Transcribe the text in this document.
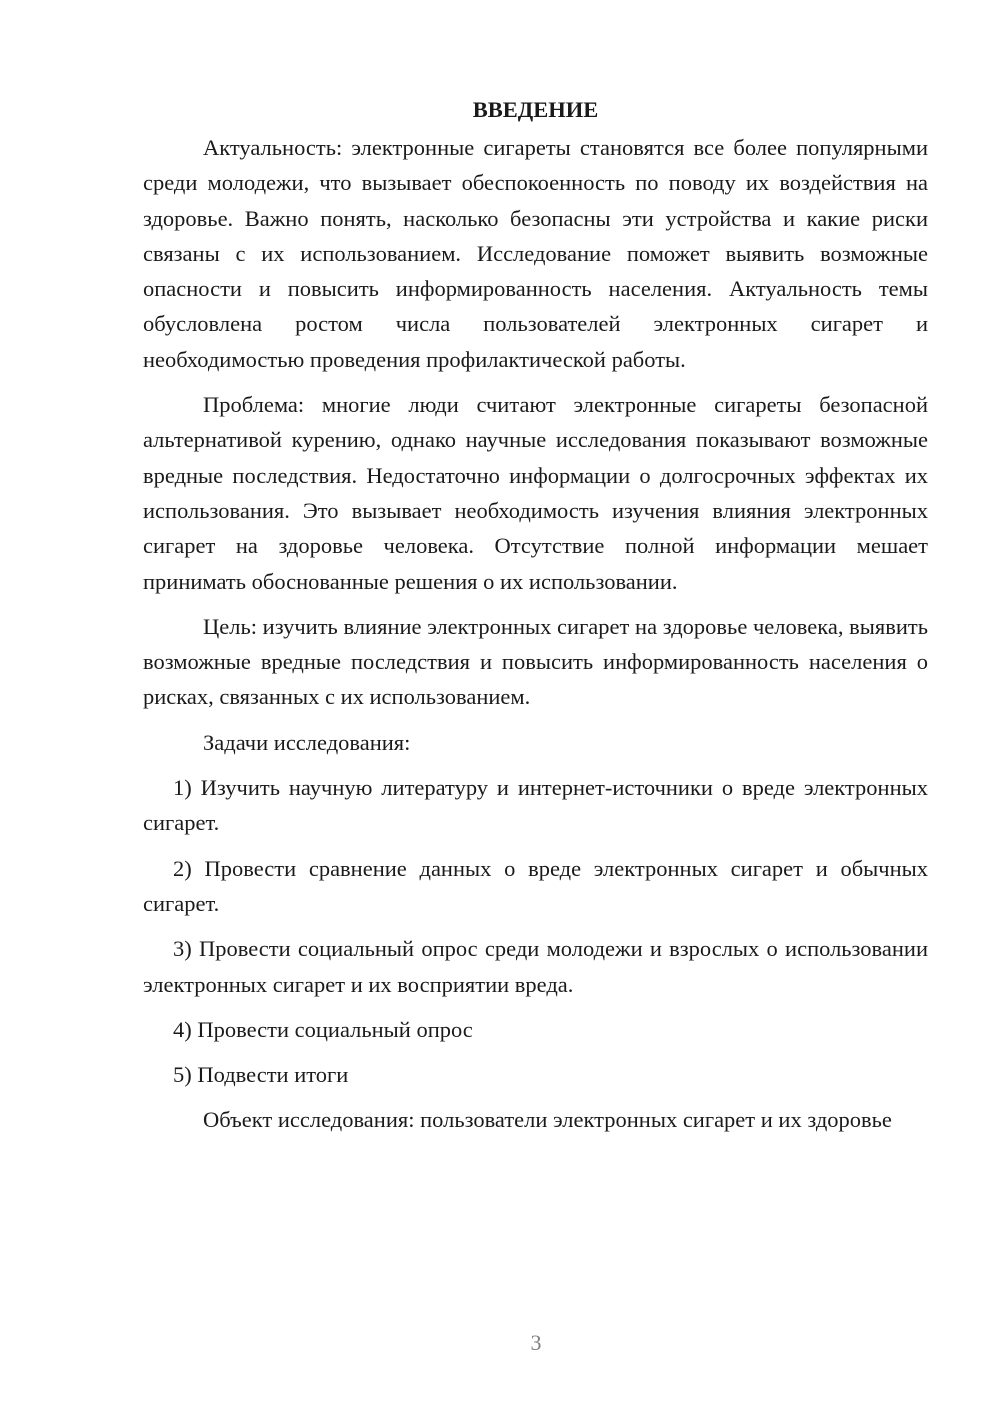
ВВЕДЕНИЕ

Актуальность: электронные сигареты становятся все более популярными среди молодежи, что вызывает обеспокоенность по поводу их воздействия на здоровье. Важно понять, насколько безопасны эти устройства и какие риски связаны с их использованием. Исследование поможет выявить возможные опасности и повысить информированность населения. Актуальность темы обусловлена ростом числа пользователей электронных сигарет и необходимостью проведения профилактической работы.

Проблема: многие люди считают электронные сигареты безопасной альтернативой курению, однако научные исследования показывают возможные вредные последствия. Недостаточно информации о долгосрочных эффектах их использования. Это вызывает необходимость изучения влияния электронных сигарет на здоровье человека. Отсутствие полной информации мешает принимать обоснованные решения о их использовании.

Цель: изучить влияние электронных сигарет на здоровье человека, выявить возможные вредные последствия и повысить информированность населения о рисках, связанных с их использованием.

Задачи исследования:

1) Изучить научную литературу и интернет-источники о вреде электронных сигарет.

2) Провести сравнение данных о вреде электронных сигарет и обычных сигарет.

3) Провести социальный опрос среди молодежи и взрослых о использовании электронных сигарет и их восприятии вреда.

4) Провести социальный опрос

5) Подвести итоги

Объект исследования: пользователи электронных сигарет и их здоровье

3
